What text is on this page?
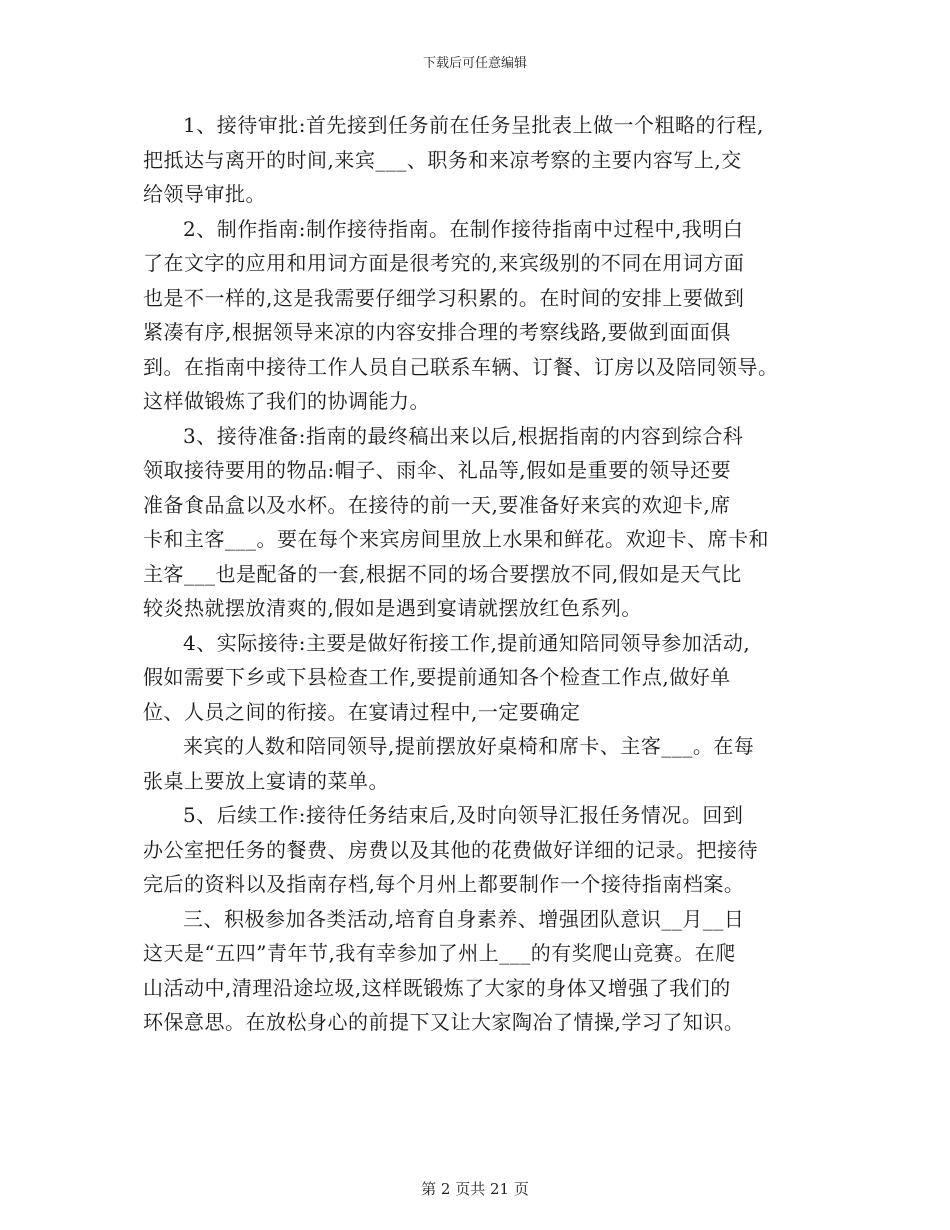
下载后可任意编辑
1、接待审批:首先接到任务前在任务呈批表上做一个粗略的行程,
把抵达与离开的时间,来宾___、职务和来凉考察的主要内容写上,交
给领导审批。
2、制作指南:制作接待指南。在制作接待指南中过程中,我明白
了在文字的应用和用词方面是很考究的,来宾级别的不同在用词方面
也是不一样的,这是我需要仔细学习积累的。在时间的安排上要做到
紧凑有序,根据领导来凉的内容安排合理的考察线路,要做到面面俱
到。在指南中接待工作人员自己联系车辆、订餐、订房以及陪同领导。
这样做锻炼了我们的协调能力。
3、接待准备:指南的最终稿出来以后,根据指南的内容到综合科
领取接待要用的物品:帽子、雨伞、礼品等,假如是重要的领导还要
准备食品盒以及水杯。在接待的前一天,要准备好来宾的欢迎卡,席
卡和主客___。要在每个来宾房间里放上水果和鲜花。欢迎卡、席卡和
主客___也是配备的一套,根据不同的场合要摆放不同,假如是天气比
较炎热就摆放清爽的,假如是遇到宴请就摆放红色系列。
4、实际接待:主要是做好衔接工作,提前通知陪同领导参加活动,
假如需要下乡或下县检查工作,要提前通知各个检查工作点,做好单
位、人员之间的衔接。在宴请过程中,一定要确定
来宾的人数和陪同领导,提前摆放好桌椅和席卡、主客___。在每
张桌上要放上宴请的菜单。
5、后续工作:接待任务结束后,及时向领导汇报任务情况。回到
办公室把任务的餐费、房费以及其他的花费做好详细的记录。把接待
完后的资料以及指南存档,每个月州上都要制作一个接待指南档案。
三、积极参加各类活动,培育自身素养、增强团队意识__月__日
这天是“五四”青年节,我有幸参加了州上___的有奖爬山竞赛。在爬
山活动中,清理沿途垃圾,这样既锻炼了大家的身体又增强了我们的
环保意思。在放松身心的前提下又让大家陶冶了情操,学习了知识。
第 2 页共 21 页
